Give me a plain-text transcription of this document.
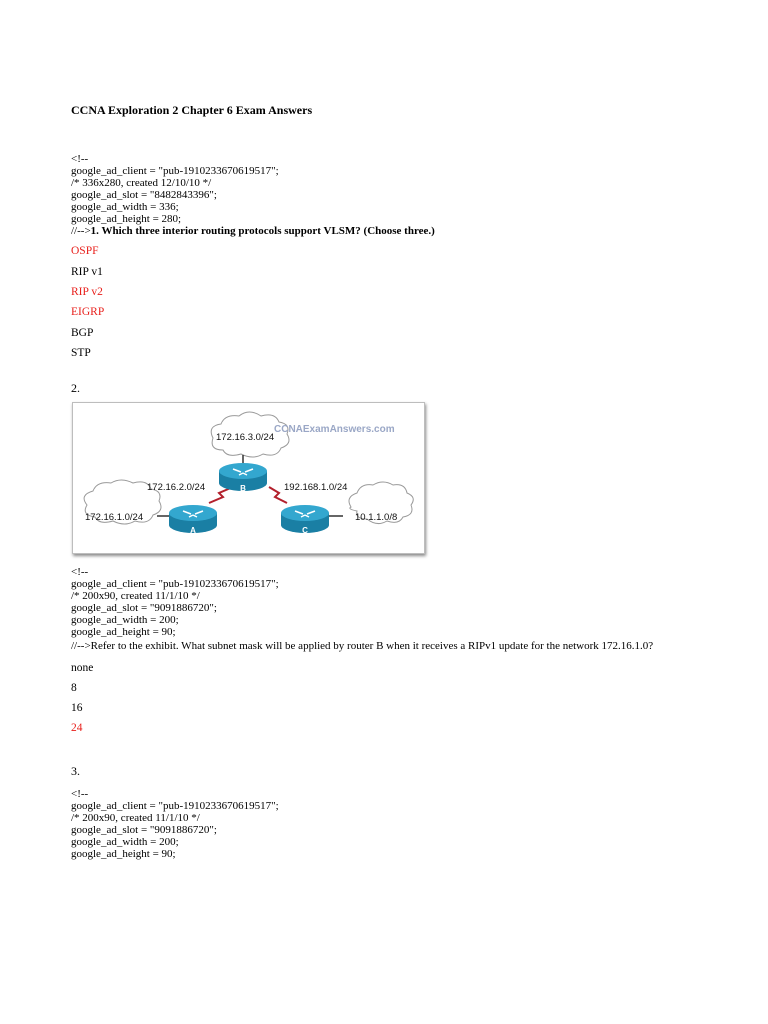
CCNA Exploration 2 Chapter 6 Exam Answers
<!--
google_ad_client = "pub-1910233670619517";
/* 336x280, created 12/10/10 */
google_ad_slot = "8482843396";
google_ad_width = 336;
google_ad_height = 280;
//-->1. Which three interior routing protocols support VLSM? (Choose three.)
OSPF
RIP v1
RIP v2
EIGRP
BGP
STP
2.
B
A	C
CCNAExamAnswers.com
172.16.3.0/24
172.16.2.0/24	192.168.1.0/24
172.16.1.0/24	10.1.1.0/8
<!--
google_ad_client = "pub-1910233670619517";
/* 200x90, created 11/1/10 */
google_ad_slot = "9091886720";
google_ad_width = 200;
google_ad_height = 90;
//-->Refer to the exhibit. What subnet mask will be applied by router B when it receives a RIPv1 update for the network 172.16.1.0?
none
8
16
24
3.
<!--
google_ad_client = "pub-1910233670619517";
/* 200x90, created 11/1/10 */
google_ad_slot = "9091886720";
google_ad_width = 200;
google_ad_height = 90;
